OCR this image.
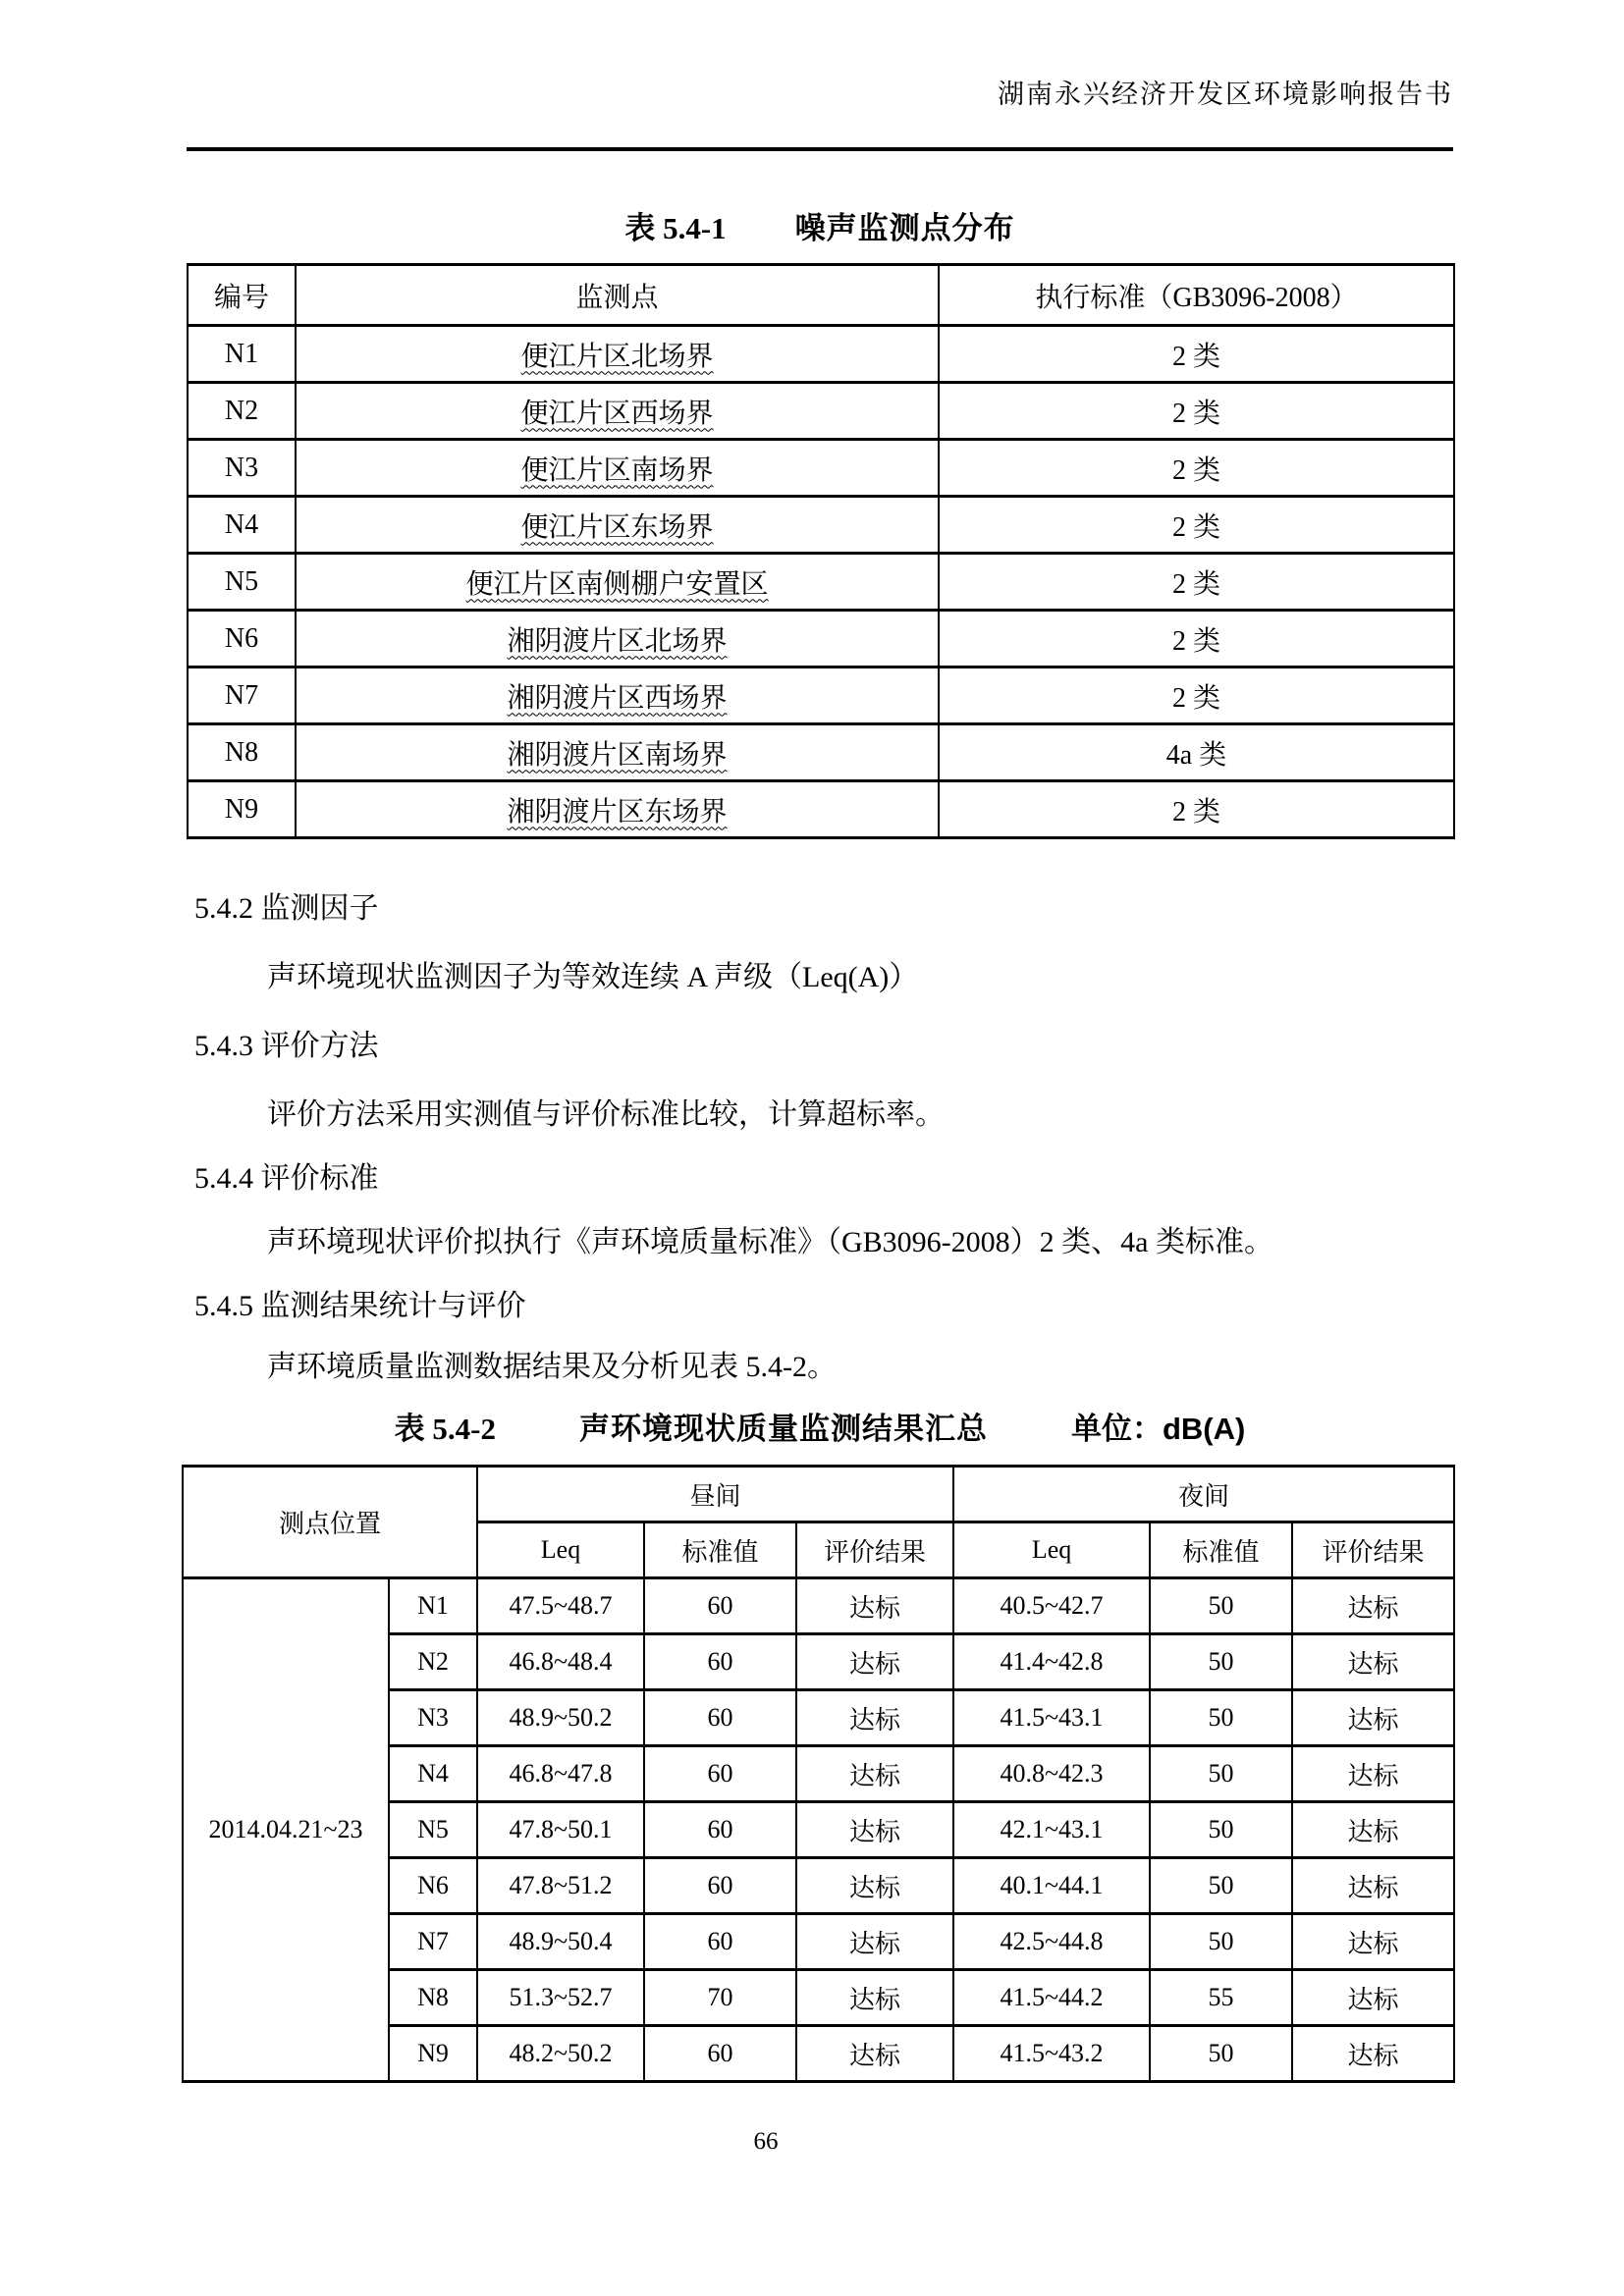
湖南永兴经济开发区环境影响报告书
表 5.4-1 噪声监测点分布
编号	监测点	执行标准（GB3096-2008）
N1	便江片区北场界	2 类
N2	便江片区西场界	2 类
N3	便江片区南场界	2 类
N4	便江片区东场界	2 类
N5	便江片区南侧棚户安置区	2 类
N6	湘阴渡片区北场界	2 类
N7	湘阴渡片区西场界	2 类
N8	湘阴渡片区南场界	4a 类
N9	湘阴渡片区东场界	2 类
5.4.2 监测因子
声环境现状监测因子为等效连续 A 声级（Leq(A)）
5.4.3 评价方法
评价方法采用实测值与评价标准比较，计算超标率。
5.4.4 评价标准
声环境现状评价拟执行《声环境质量标准》（GB3096-2008）2 类、4a 类标准。
5.4.5 监测结果统计与评价
声环境质量监测数据结果及分析见表 5.4-2。
表 5.4-2	声环境现状质量监测结果汇总	单位：dB(A)
测点位置		昼间			夜间		
		Leq	标准值	评价结果	Leq	标准值	评价结果
2014.04.21~23	N1	47.5~48.7	60	达标	40.5~42.7	50	达标
	N2	46.8~48.4	60	达标	41.4~42.8	50	达标
	N3	48.9~50.2	60	达标	41.5~43.1	50	达标
	N4	46.8~47.8	60	达标	40.8~42.3	50	达标
	N5	47.8~50.1	60	达标	42.1~43.1	50	达标
	N6	47.8~51.2	60	达标	40.1~44.1	50	达标
	N7	48.9~50.4	60	达标	42.5~44.8	50	达标
	N8	51.3~52.7	70	达标	41.5~44.2	55	达标
	N9	48.2~50.2	60	达标	41.5~43.2	50	达标
66
